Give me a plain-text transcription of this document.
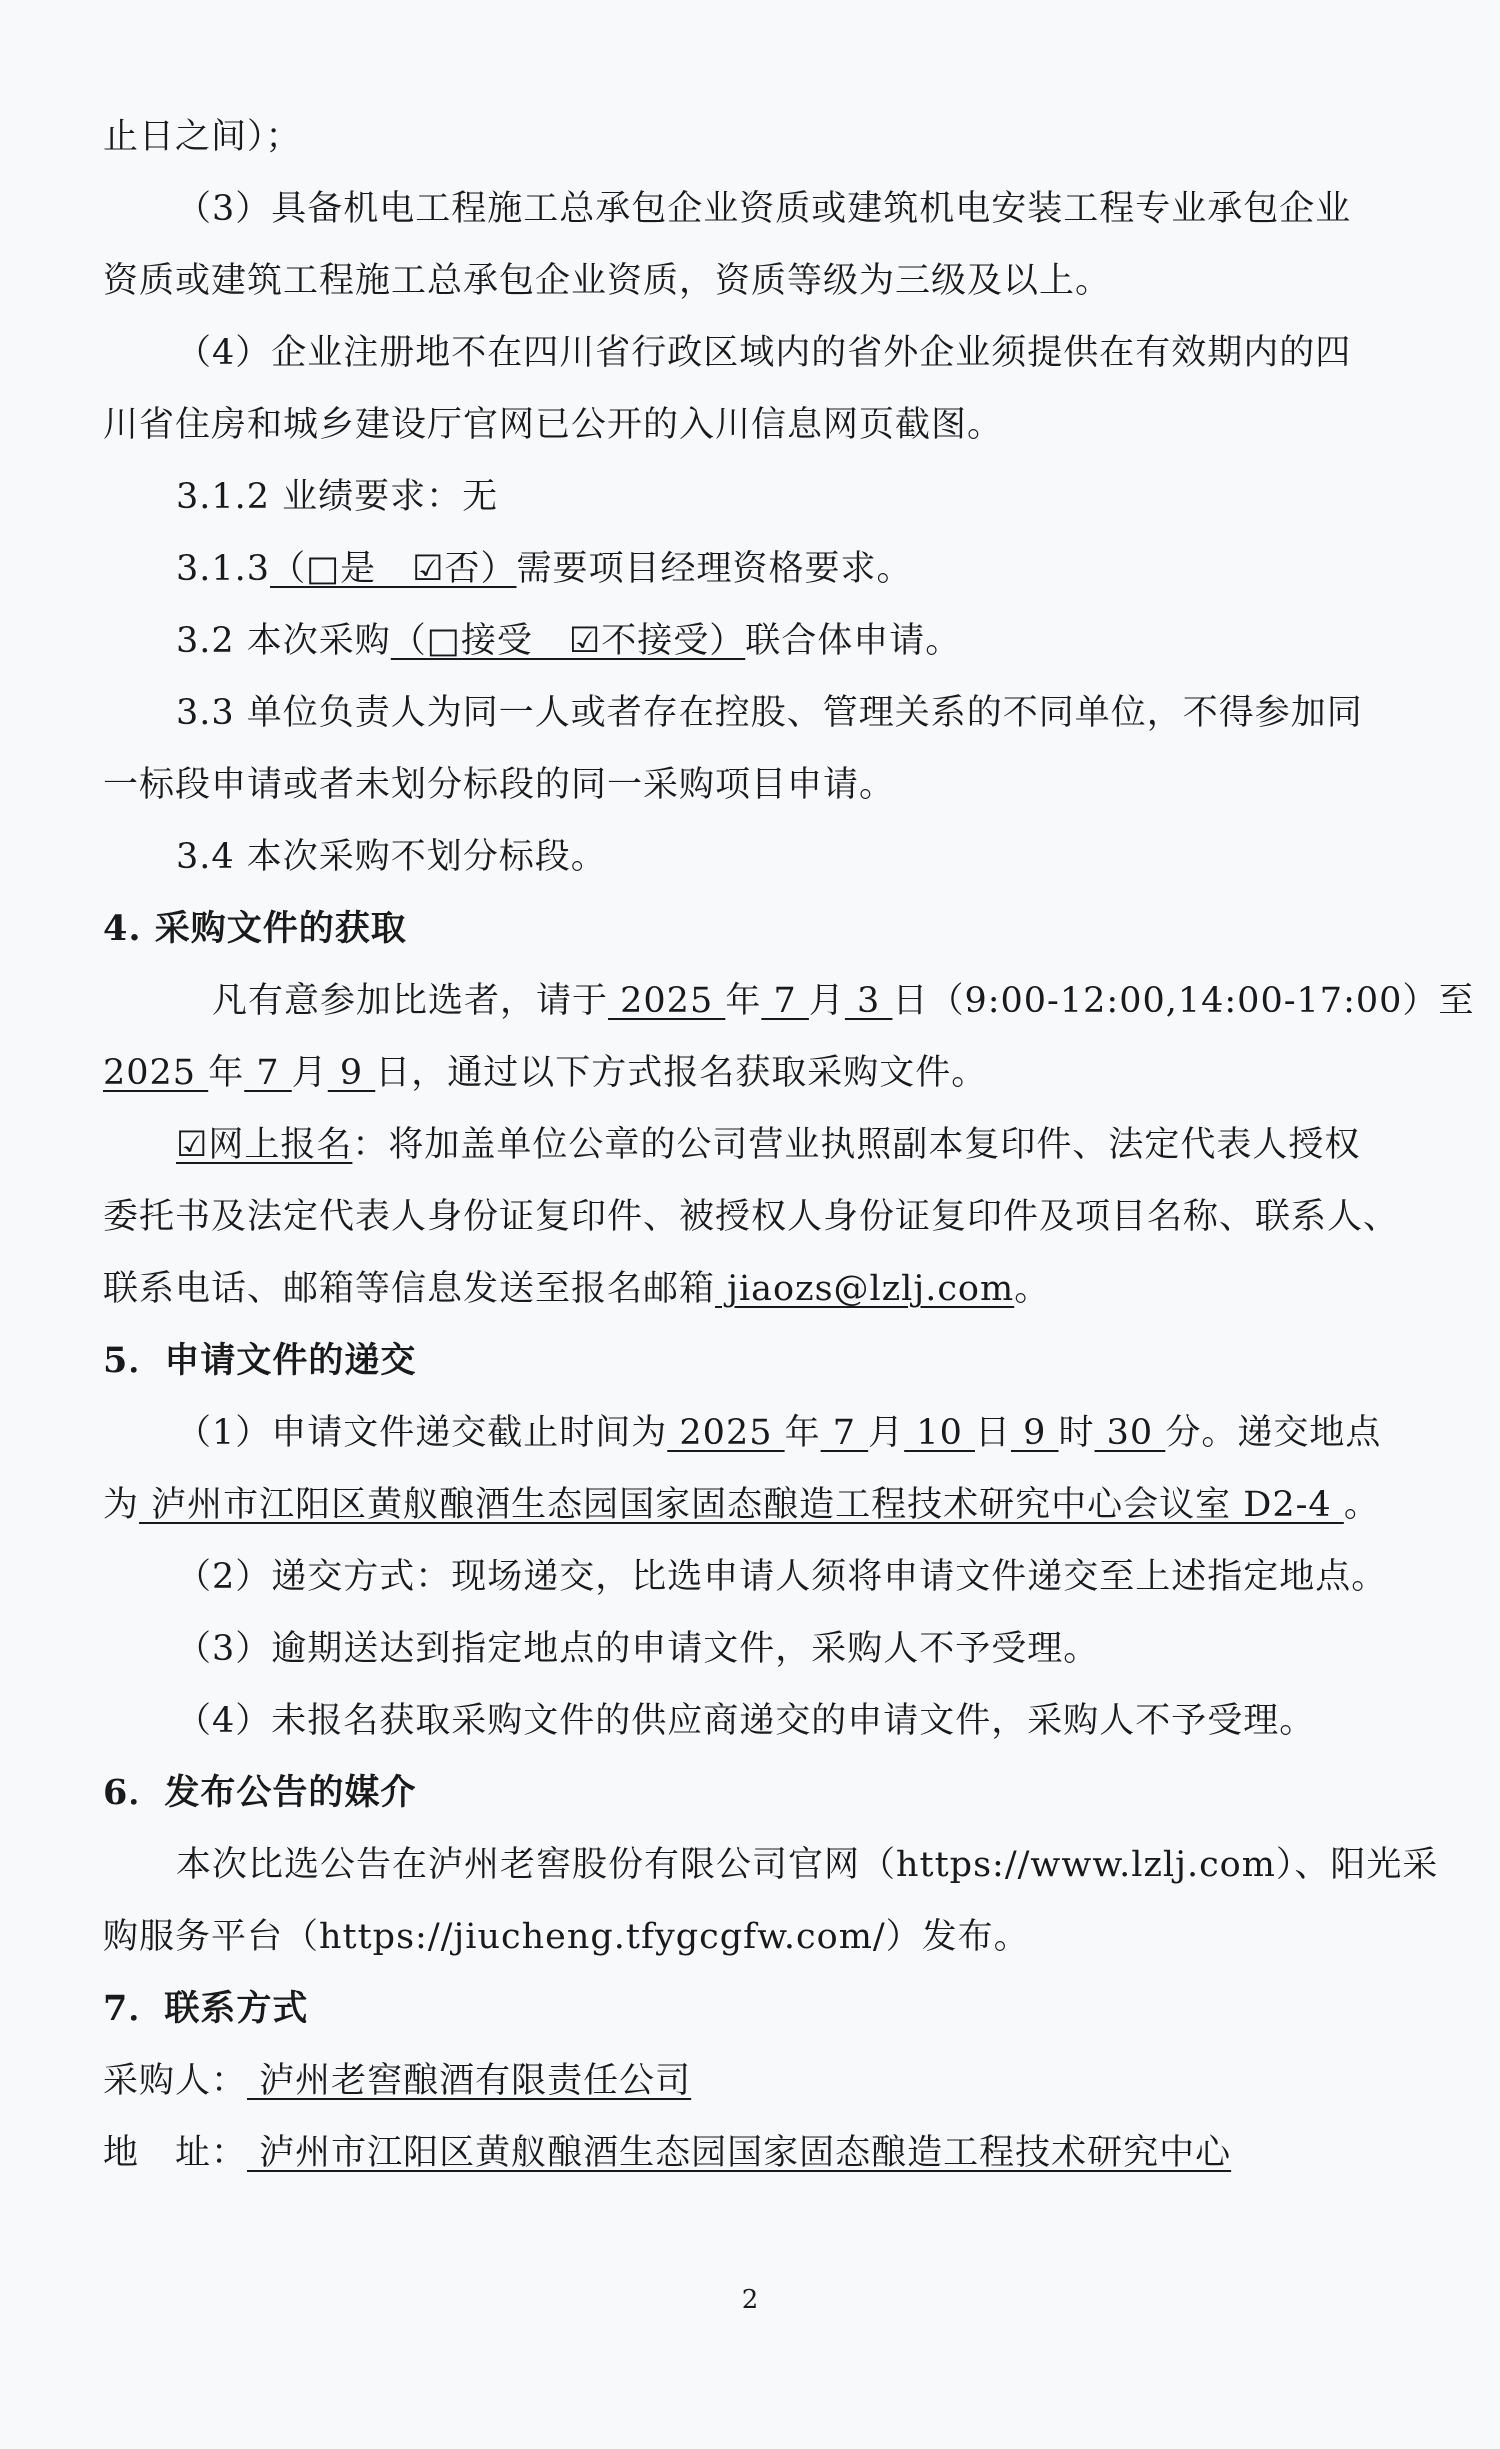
止日之间）；
（3）具备机电工程施工总承包企业资质或建筑机电安装工程专业承包企业
资质或建筑工程施工总承包企业资质，资质等级为三级及以上。
（4）企业注册地不在四川省行政区域内的省外企业须提供在有效期内的四
川省住房和城乡建设厅官网已公开的入川信息网页截图。
3.1.2 业绩要求：无
3.1.3（□是　☑否）需要项目经理资格要求。
3.2 本次采购（□接受　☑不接受）联合体申请。
3.3 单位负责人为同一人或者存在控股、管理关系的不同单位，不得参加同
一标段申请或者未划分标段的同一采购项目申请。
3.4 本次采购不划分标段。
4. 采购文件的获取
凡有意参加比选者，请于 2025 年 7 月 3 日（9:00-12:00,14:00-17:00）至
2025 年 7 月 9 日，通过以下方式报名获取采购文件。
☑网上报名：将加盖单位公章的公司营业执照副本复印件、法定代表人授权
委托书及法定代表人身份证复印件、被授权人身份证复印件及项目名称、联系人、
联系电话、邮箱等信息发送至报名邮箱 jiaozs@lzlj.com。
5．申请文件的递交
（1）申请文件递交截止时间为 2025 年 7 月 10 日 9 时 30 分。递交地点
为 泸州市江阳区黄舣酿酒生态园国家固态酿造工程技术研究中心会议室 D2-4 。
（2）递交方式：现场递交，比选申请人须将申请文件递交至上述指定地点。
（3）逾期送达到指定地点的申请文件，采购人不予受理。
（4）未报名获取采购文件的供应商递交的申请文件，采购人不予受理。
6．发布公告的媒介
本次比选公告在泸州老窖股份有限公司官网（https://www.lzlj.com）、阳光采
购服务平台（https://jiucheng.tfygcgfw.com/）发布。
7．联系方式
采购人： 泸州老窖酿酒有限责任公司
地　址： 泸州市江阳区黄舣酿酒生态园国家固态酿造工程技术研究中心
2
